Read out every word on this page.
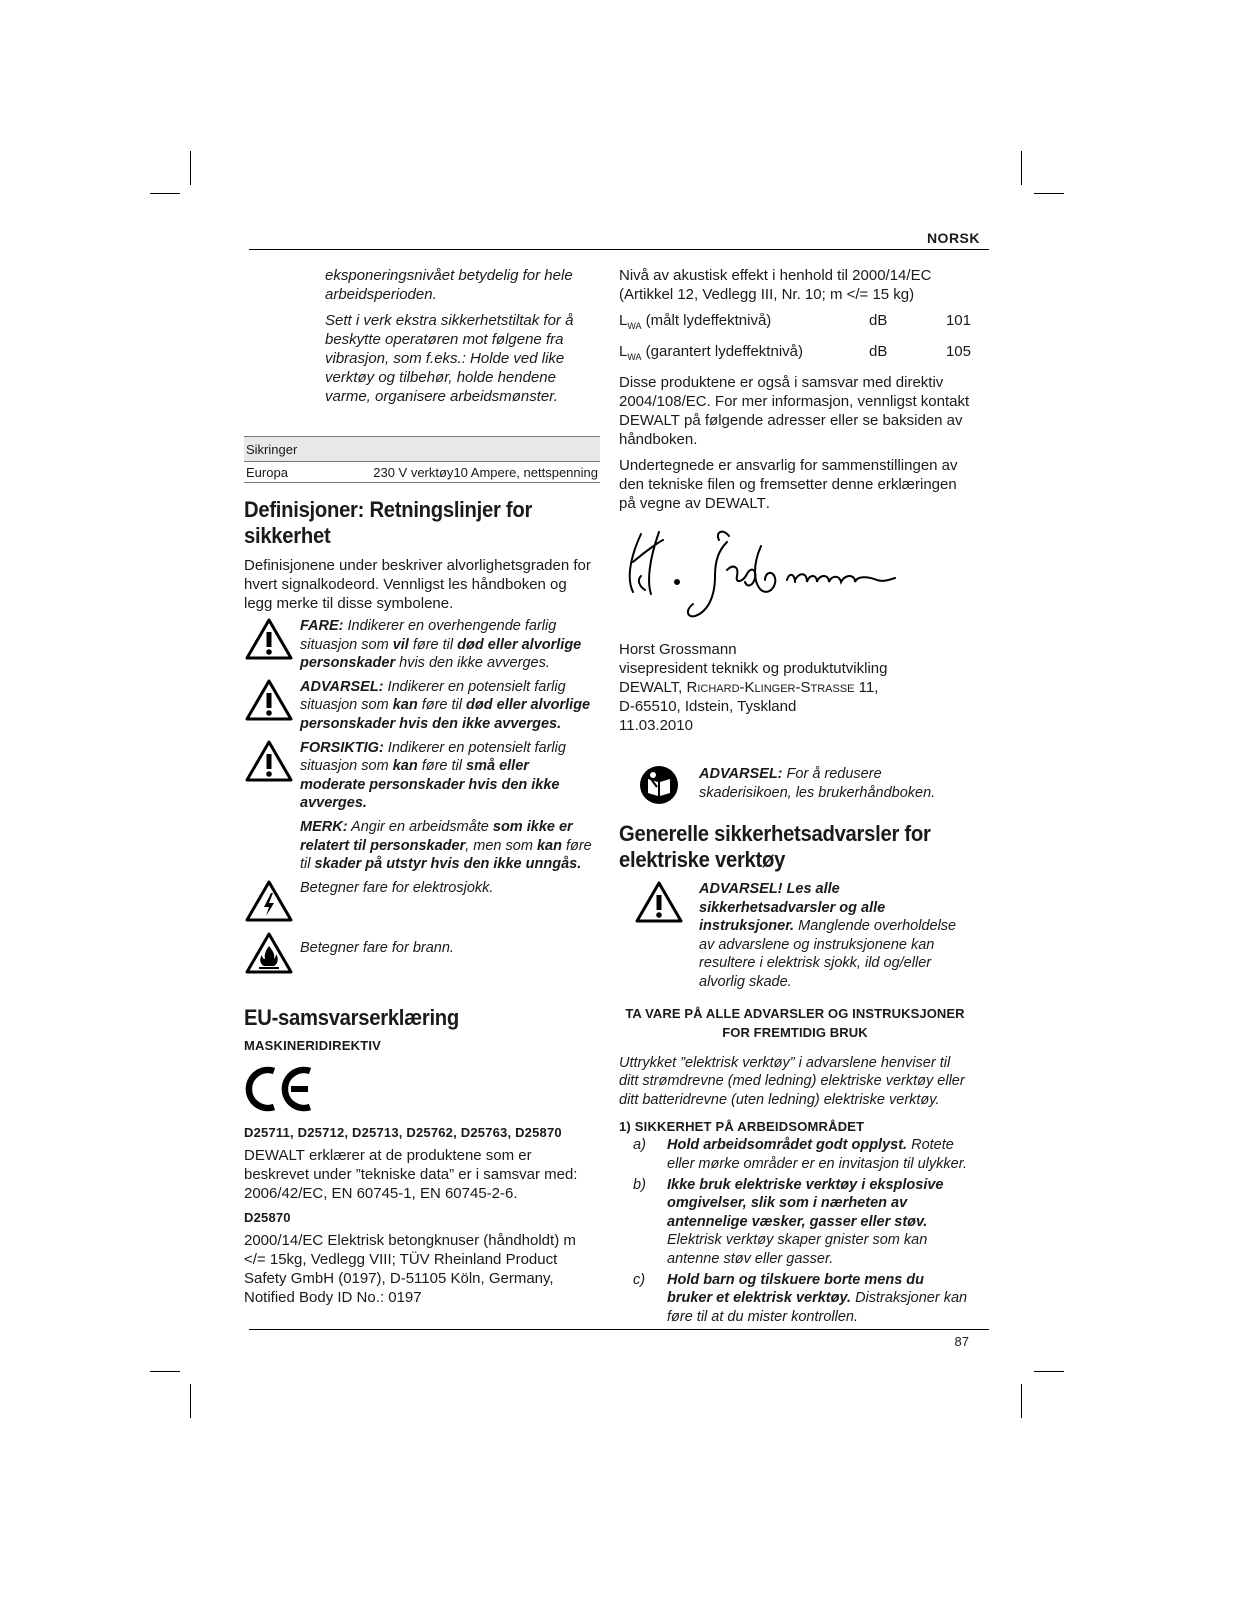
NORSK
87

eksponeringsnivået betydelig for hele arbeidsperioden.

Sett i verk ekstra sikkerhetstiltak for å beskytte operatøren mot følgene fra vibrasjon, som f.eks.: Holde ved like verktøy og tilbehør, holde hendene varme, organisere arbeidsmønster.

Sikringer
Europa	230 V verktøy10 Ampere, nettspenning
Definisjoner: Retningslinjer for sikkerhet

Definisjonene under beskriver alvorlighetsgraden for hvert signalkodeord. Vennligst les håndboken og legg merke til disse symbolene.

FARE: Indikerer en overhengende farlig situasjon som vil føre til død eller alvorlige personskader hvis den ikke avverges.
ADVARSEL: Indikerer en potensielt farlig situasjon som kan føre til død eller alvorlige personskader hvis den ikke avverges.
FORSIKTIG: Indikerer en potensielt farlig situasjon som kan føre til små eller moderate personskader hvis den ikke avverges.
MERK: Angir en arbeidsmåte som ikke er relatert til personskader, men som kan føre til skader på utstyr hvis den ikke unngås.
Betegner fare for elektrosjokk.
Betegner fare for brann.
EU-samsvarserklæring
MASKINERIDIREKTIV
D25711, D25712, D25713, D25762, D25763, D25870

DEWALT erklærer at de produktene som er beskrevet under ”tekniske data” er i samsvar med: 2006/42/EC, EN 60745-1, EN 60745-2-6.

D25870

2000/14/EC Elektrisk betongknuser (håndholdt) m </= 15kg, Vedlegg VIII; TÜV Rheinland Product Safety GmbH (0197), D-51105 Köln, Germany, Notified Body ID No.: 0197

Nivå av akustisk effekt i henhold til 2000/14/EC (Artikkel 12, Vedlegg III, Nr. 10; m </= 15 kg)

$L_{WA}$ (målt lydeffektnivå)	dB	101
$L_{WA}$ (garantert lydeffektnivå)	dB	105

Disse produktene er også i samsvar med direktiv 2004/108/EC. For mer informasjon, vennligst kontakt DEWALT på følgende adresser eller se baksiden av håndboken.

Undertegnede er ansvarlig for sammenstillingen av den tekniske filen og fremsetter denne erklæringen på vegne av DEWALT.

Horst Grossmann
visepresident teknikk og produktutvikling
DEWALT, Richard-Klinger-Strasse 11,
D-65510, Idstein, Tyskland
11.03.2010
ADVARSEL: For å redusere skaderisikoen, les brukerhåndboken.
Generelle sikkerhetsadvarsler for elektriske verktøy
ADVARSEL! Les alle sikkerhetsadvarsler og alle instruksjoner. Manglende overholdelse av advarslene og instruksjonene kan resultere i elektrisk sjokk, ild og/eller alvorlig skade.
TA VARE PÅ ALLE ADVARSLER OG INSTRUKSJONER FOR FREMTIDIG BRUK

Uttrykket ”elektrisk verktøy” i advarslene henviser til ditt strømdrevne (med ledning) elektriske verktøy eller ditt batteridrevne (uten ledning) elektriske verktøy.

1) SIKKERHET PÅ ARBEIDSOMRÅDET
a)	Hold arbeidsområdet godt opplyst. Rotete eller mørke områder er en invitasjon til ulykker.
b)	Ikke bruk elektriske verktøy i eksplosive omgivelser, slik som i nærheten av antennelige væsker, gasser eller støv. Elektrisk verktøy skaper gnister som kan antenne støv eller gasser.
c)	Hold barn og tilskuere borte mens du bruker et elektrisk verktøy. Distraksjoner kan føre til at du mister kontrollen.
